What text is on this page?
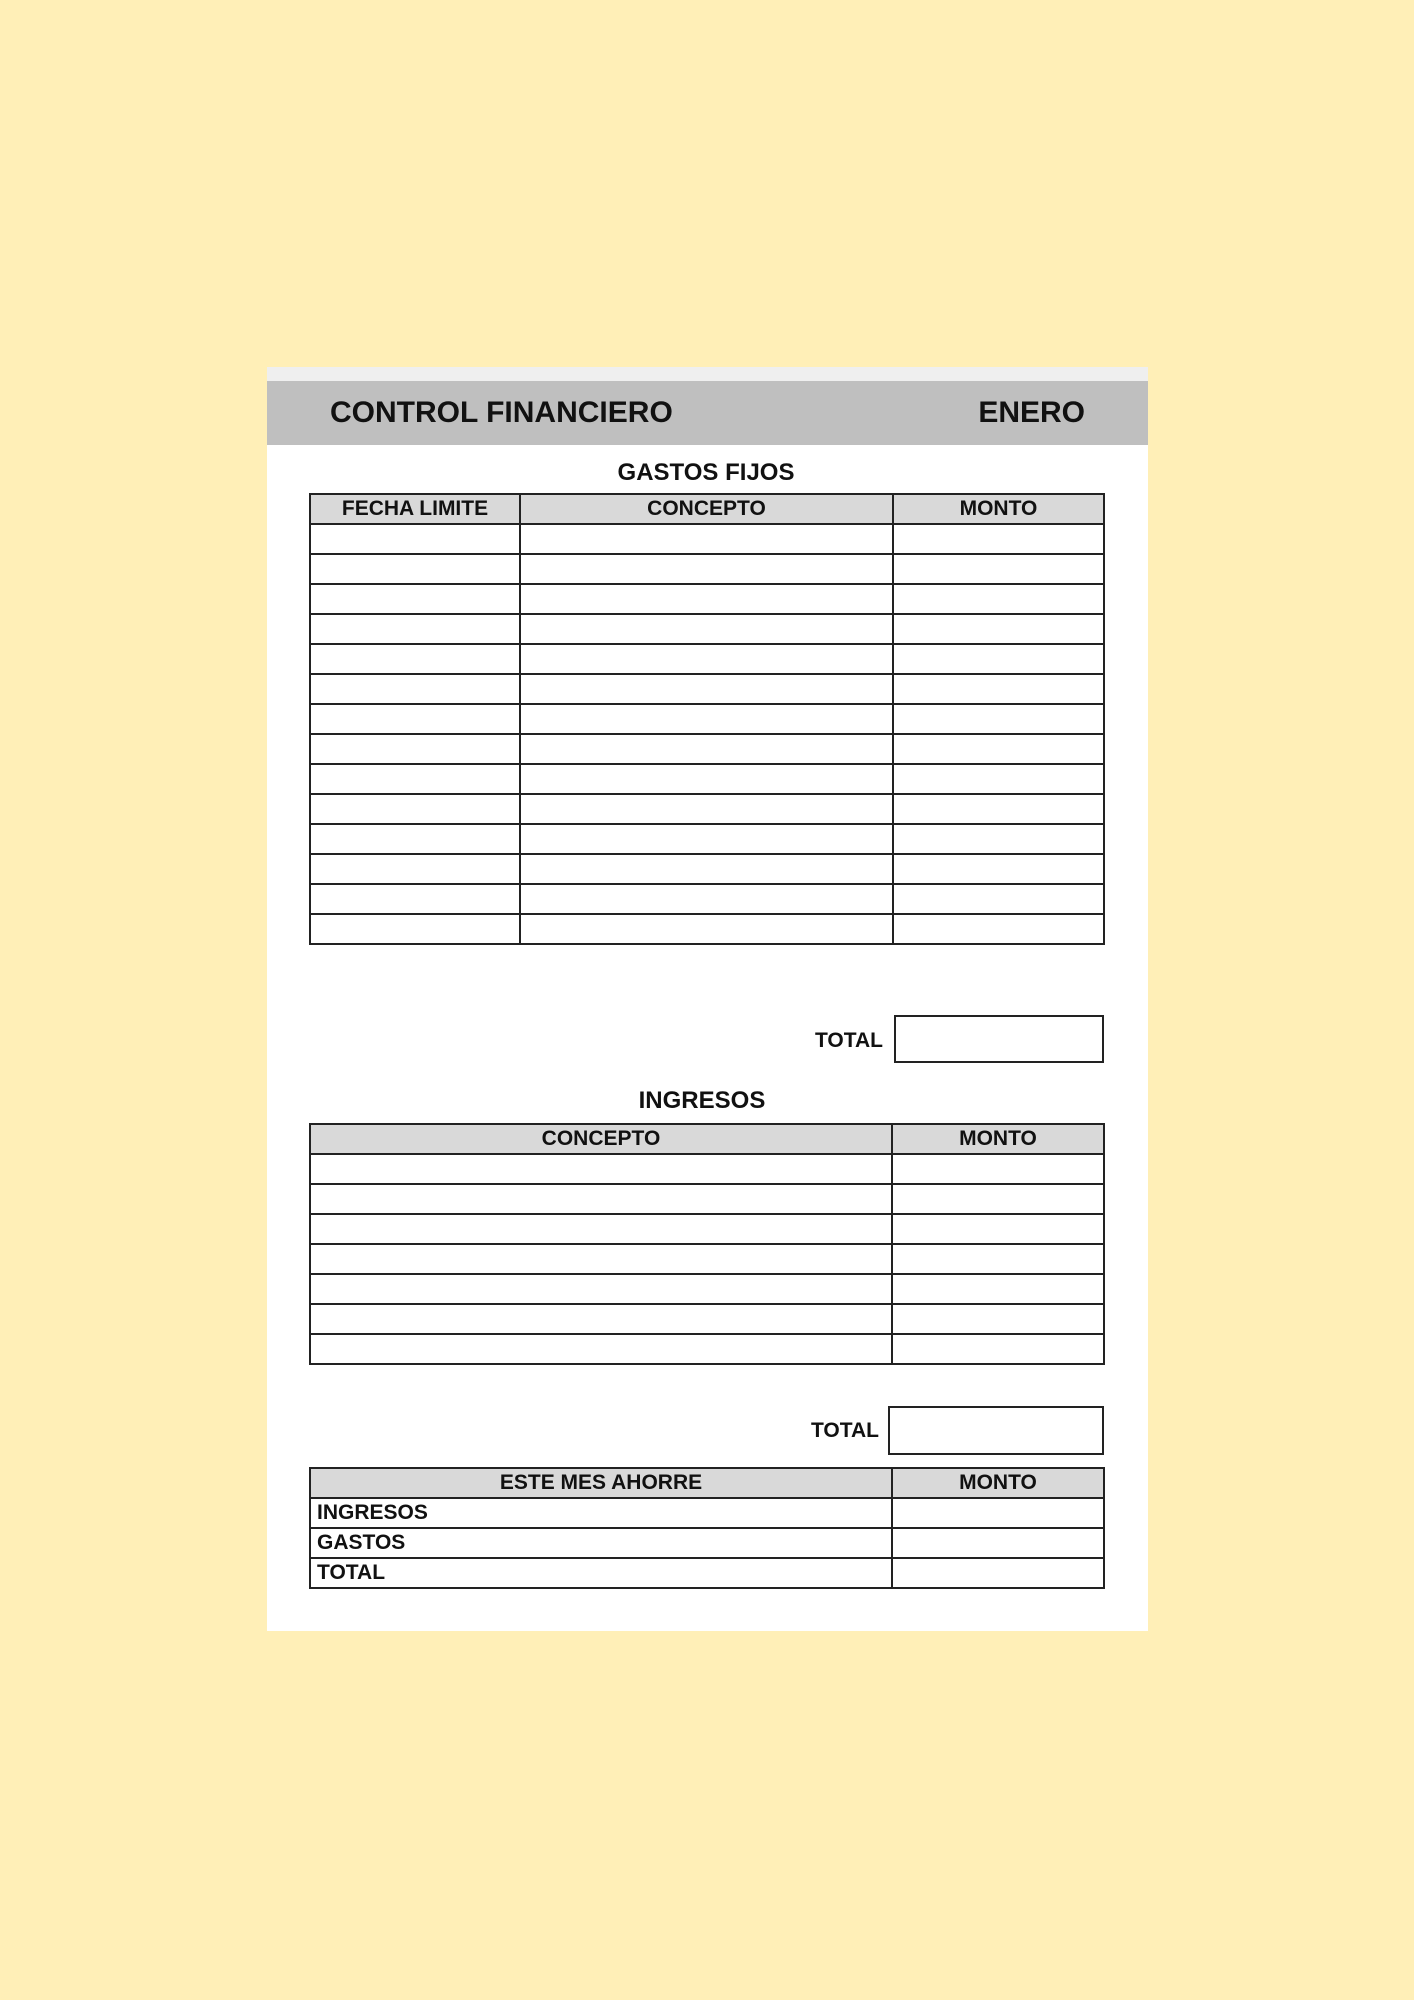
CONTROL FINANCIERO	ENERO
GASTOS FIJOS
FECHA LIMITE	CONCEPTO	MONTO

TOTAL
INGRESOS
CONCEPTO	MONTO

TOTAL
ESTE MES AHORRE	MONTO
INGRESOS	
GASTOS	
TOTAL	
